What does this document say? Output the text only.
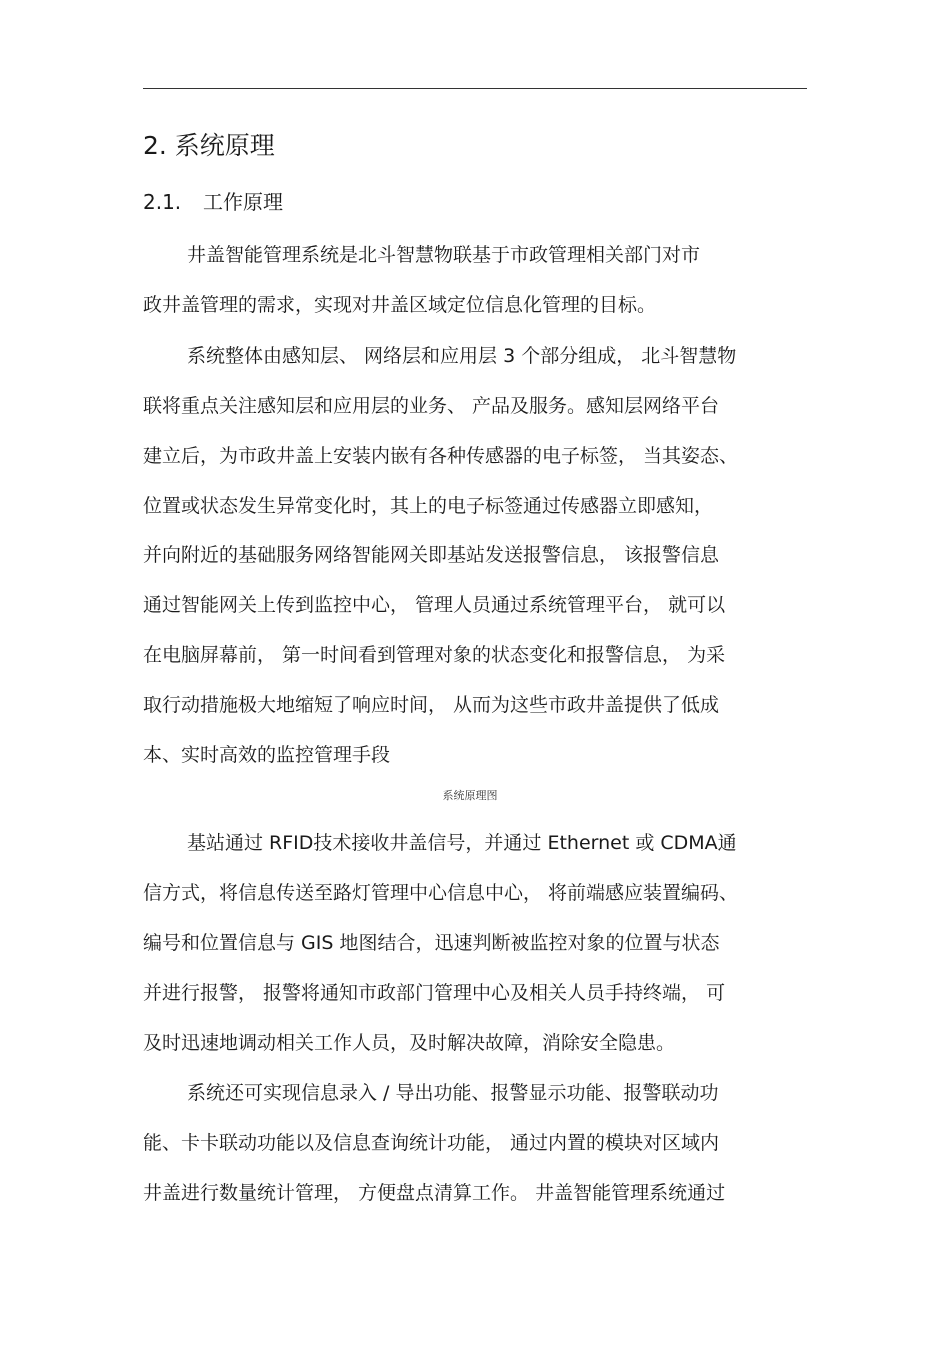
2. 系统原理
2.1. 工作原理
井盖智能管理系统是北斗智慧物联基于市政管理相关部门对市
政井盖管理的需求，实现对井盖区域定位信息化管理的目标。
系统整体由感知层、 网络层和应用层 3 个部分组成， 北斗智慧物
联将重点关注感知层和应用层的业务、 产品及服务。感知层网络平台
建立后，为市政井盖上安装内嵌有各种传感器的电子标签， 当其姿态、
位置或状态发生异常变化时，其上的电子标签通过传感器立即感知，
并向附近的基础服务网络智能网关即基站发送报警信息， 该报警信息
通过智能网关上传到监控中心， 管理人员通过系统管理平台， 就可以
在电脑屏幕前， 第一时间看到管理对象的状态变化和报警信息， 为采
取行动措施极大地缩短了响应时间， 从而为这些市政井盖提供了低成
本、实时高效的监控管理手段
系统原理图
基站通过 RFID技术接收井盖信号，并通过 Ethernet 或 CDMA通
信方式，将信息传送至路灯管理中心信息中心， 将前端感应装置编码、
编号和位置信息与 GIS 地图结合，迅速判断被监控对象的位置与状态
并进行报警， 报警将通知市政部门管理中心及相关人员手持终端， 可
及时迅速地调动相关工作人员，及时解决故障，消除安全隐患。
系统还可实现信息录入 / 导出功能、报警显示功能、报警联动功
能、卡卡联动功能以及信息查询统计功能， 通过内置的模块对区域内
井盖进行数量统计管理， 方便盘点清算工作。 井盖智能管理系统通过
